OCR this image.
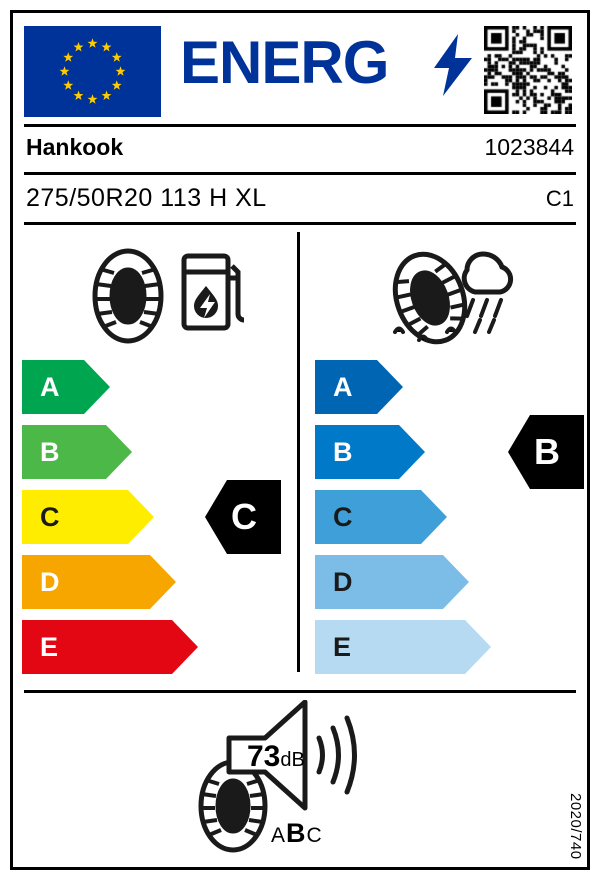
ENERG
Hankook	1023844
275/50R20 113 H XL	C1
A
B
C
D
E
A
B
C
D
E
C
B
73dB
ABC	2020/740
